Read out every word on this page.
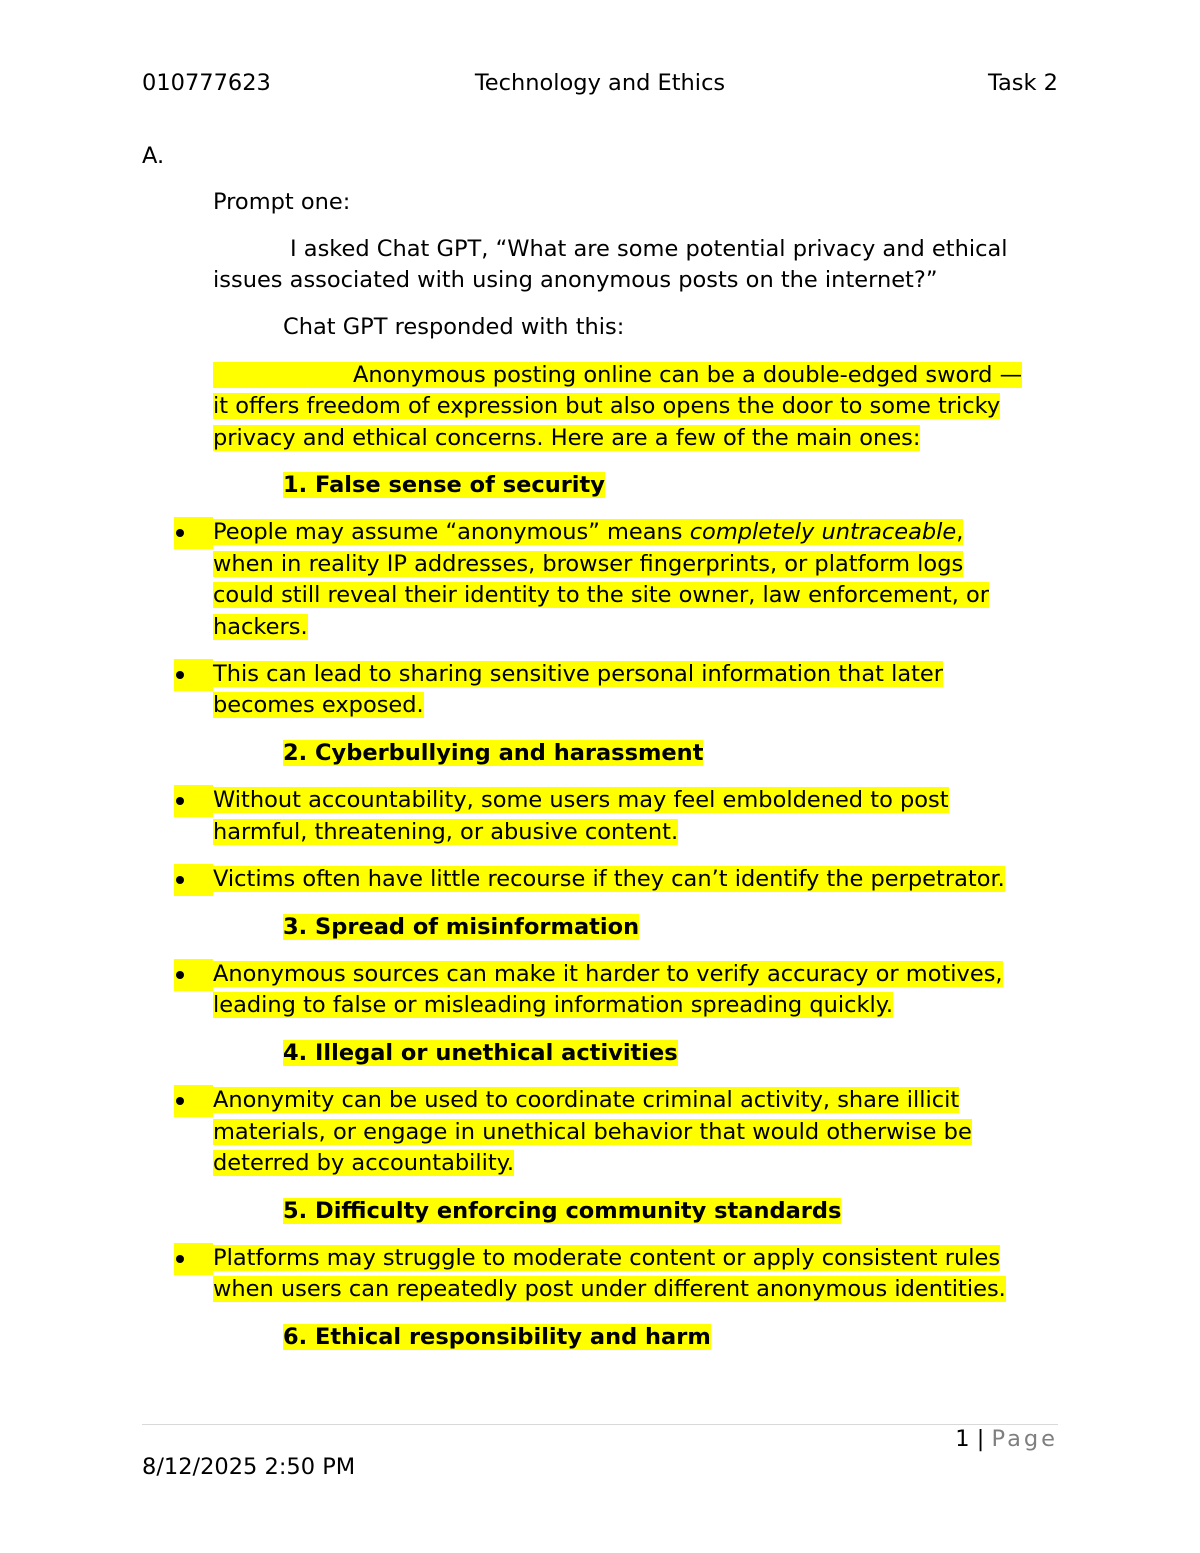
010777623	Technology and Ethics	Task 2
A.
Prompt one:
I asked Chat GPT, “What are some potential privacy and ethical
issues associated with using anonymous posts on the internet?”
Chat GPT responded with this:
Anonymous posting online can be a double-edged sword —
it offers freedom of expression but also opens the door to some tricky
privacy and ethical concerns. Here are a few of the main ones:
1. False sense of security

People may assume “anonymous” means completely untraceable,
when in reality IP addresses, browser fingerprints, or platform logs
could still reveal their identity to the site owner, law enforcement, or
hackers.

This can lead to sharing sensitive personal information that later
becomes exposed.
2. Cyberbullying and harassment

Without accountability, some users may feel emboldened to post
harmful, threatening, or abusive content.

Victims often have little recourse if they can’t identify the perpetrator.
3. Spread of misinformation

Anonymous sources can make it harder to verify accuracy or motives,
leading to false or misleading information spreading quickly.
4. Illegal or unethical activities

Anonymity can be used to coordinate criminal activity, share illicit
materials, or engage in unethical behavior that would otherwise be
deterred by accountability.
5. Difficulty enforcing community standards

Platforms may struggle to moderate content or apply consistent rules
when users can repeatedly post under different anonymous identities.
6. Ethical responsibility and harm
1 | Page
8/12/2025 2:50 PM
